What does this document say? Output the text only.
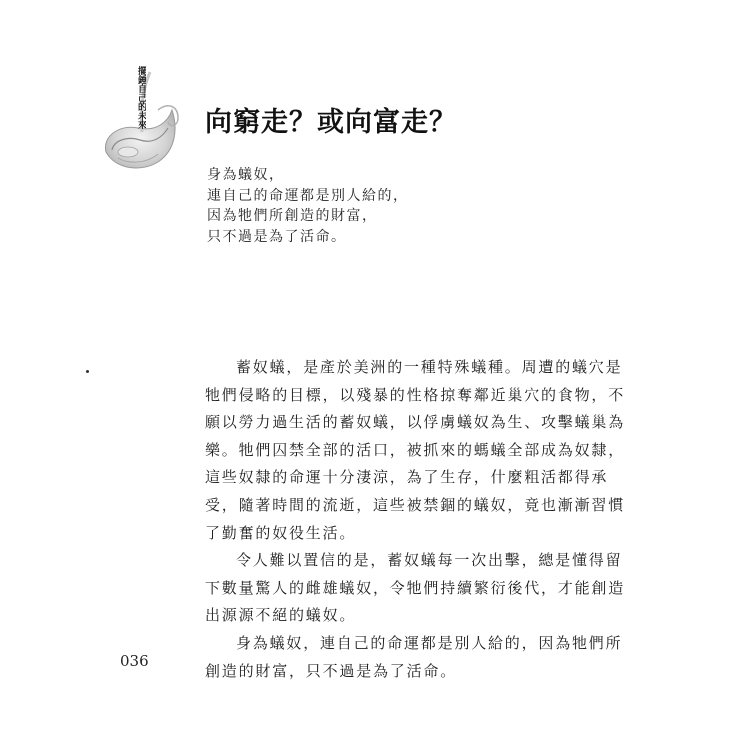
擺錘自己的未來 向窮走？或向富走？
身為蟻奴，
連自己的命運都是別人給的，
因為牠們所創造的財富，
只不過是為了活命。
蓄奴蟻，是產於美洲的一種特殊蟻種。周遭的蟻穴是
牠們侵略的目標，以殘暴的性格掠奪鄰近巢穴的食物，不
願以勞力過生活的蓄奴蟻，以俘虜蟻奴為生、攻擊蟻巢為
樂。牠們囚禁全部的活口，被抓來的螞蟻全部成為奴隸，
這些奴隸的命運十分淒涼，為了生存，什麼粗活都得承
受，隨著時間的流逝，這些被禁錮的蟻奴，竟也漸漸習慣
了勤奮的奴役生活。
令人難以置信的是，蓄奴蟻每一次出擊，總是懂得留
下數量驚人的雌雄蟻奴，令牠們持續繁衍後代，才能創造
出源源不絕的蟻奴。
身為蟻奴，連自己的命運都是別人給的，因為牠們所
創造的財富，只不過是為了活命。
036
